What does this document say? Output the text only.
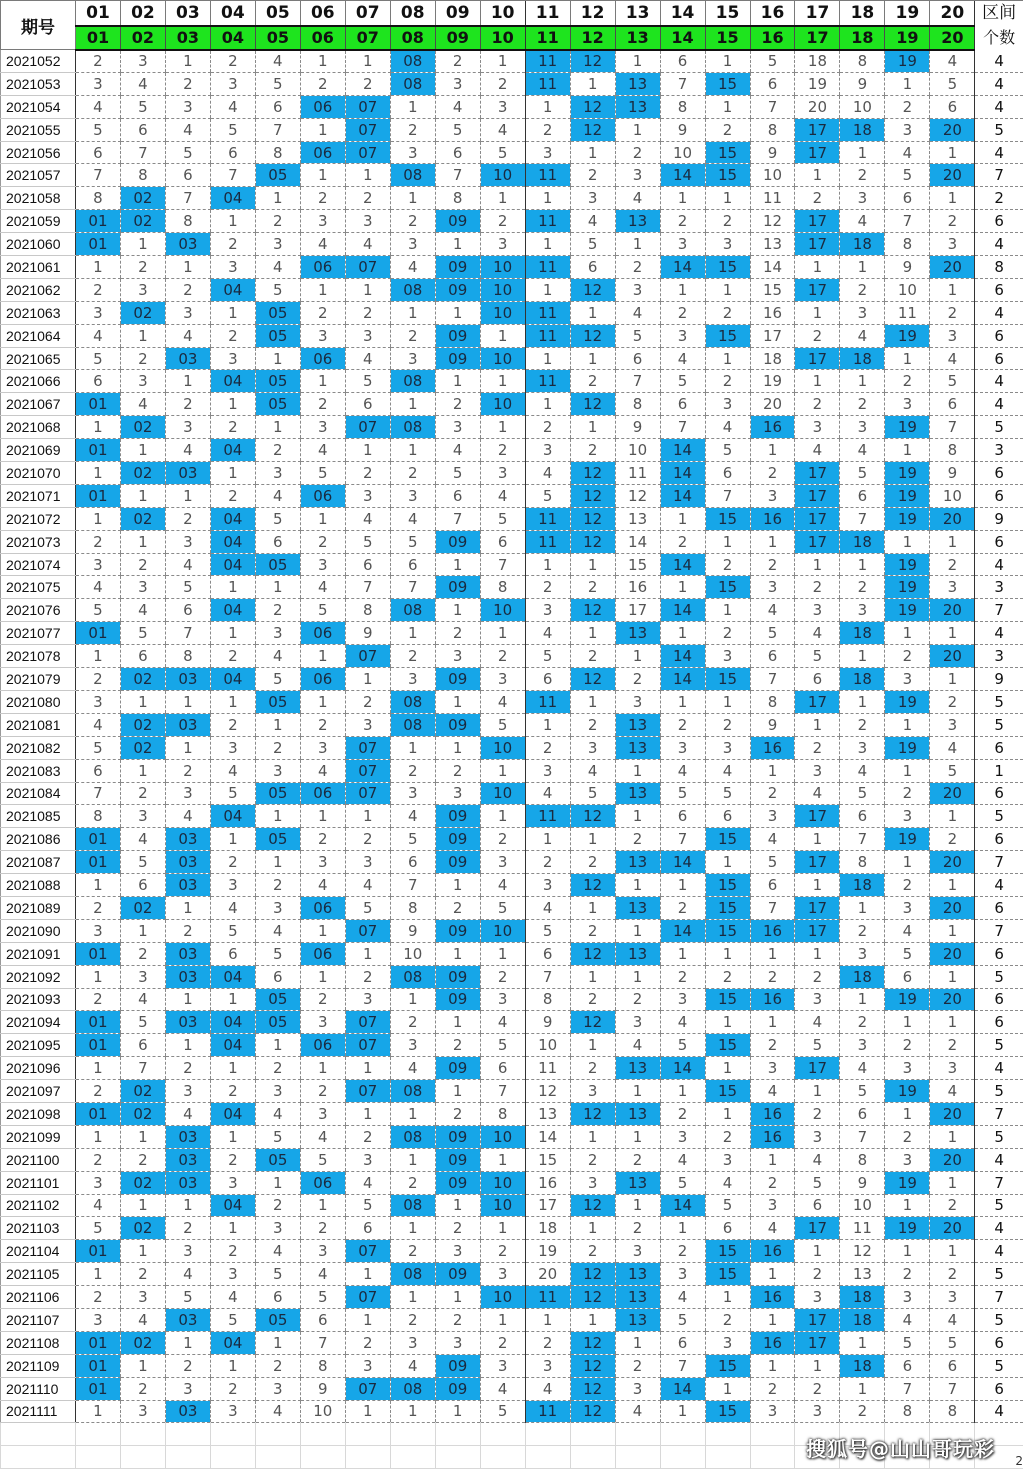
期号	01	02	03	04	05	06	07	08	09	10	11	12	13	14	15	16	17	18	19	20	区间
	01	02	03	04	05	06	07	08	09	10	11	12	13	14	15	16	17	18	19	20	个数
2021052	2	3	1	2	4	1	1	08	2	1	11	12	1	6	1	5	18	8	19	4	4
2021053	3	4	2	3	5	2	2	08	3	2	11	1	13	7	15	6	19	9	1	5	4
2021054	4	5	3	4	6	06	07	1	4	3	1	12	13	8	1	7	20	10	2	6	4
2021055	5	6	4	5	7	1	07	2	5	4	2	12	1	9	2	8	17	18	3	20	5
2021056	6	7	5	6	8	06	07	3	6	5	3	1	2	10	15	9	17	1	4	1	4
2021057	7	8	6	7	05	1	1	08	7	10	11	2	3	14	15	10	1	2	5	20	7
2021058	8	02	7	04	1	2	2	1	8	1	1	3	4	1	1	11	2	3	6	1	2
2021059	01	02	8	1	2	3	3	2	09	2	11	4	13	2	2	12	17	4	7	2	6
2021060	01	1	03	2	3	4	4	3	1	3	1	5	1	3	3	13	17	18	8	3	4
2021061	1	2	1	3	4	06	07	4	09	10	11	6	2	14	15	14	1	1	9	20	8
2021062	2	3	2	04	5	1	1	08	09	10	1	12	3	1	1	15	17	2	10	1	6
2021063	3	02	3	1	05	2	2	1	1	10	11	1	4	2	2	16	1	3	11	2	4
2021064	4	1	4	2	05	3	3	2	09	1	11	12	5	3	15	17	2	4	19	3	6
2021065	5	2	03	3	1	06	4	3	09	10	1	1	6	4	1	18	17	18	1	4	6
2021066	6	3	1	04	05	1	5	08	1	1	11	2	7	5	2	19	1	1	2	5	4
2021067	01	4	2	1	05	2	6	1	2	10	1	12	8	6	3	20	2	2	3	6	4
2021068	1	02	3	2	1	3	07	08	3	1	2	1	9	7	4	16	3	3	19	7	5
2021069	01	1	4	04	2	4	1	1	4	2	3	2	10	14	5	1	4	4	1	8	3
2021070	1	02	03	1	3	5	2	2	5	3	4	12	11	14	6	2	17	5	19	9	6
2021071	01	1	1	2	4	06	3	3	6	4	5	12	12	14	7	3	17	6	19	10	6
2021072	1	02	2	04	5	1	4	4	7	5	11	12	13	1	15	16	17	7	19	20	9
2021073	2	1	3	04	6	2	5	5	09	6	11	12	14	2	1	1	17	18	1	1	6
2021074	3	2	4	04	05	3	6	6	1	7	1	1	15	14	2	2	1	1	19	2	4
2021075	4	3	5	1	1	4	7	7	09	8	2	2	16	1	15	3	2	2	19	3	3
2021076	5	4	6	04	2	5	8	08	1	10	3	12	17	14	1	4	3	3	19	20	7
2021077	01	5	7	1	3	06	9	1	2	1	4	1	13	1	2	5	4	18	1	1	4
2021078	1	6	8	2	4	1	07	2	3	2	5	2	1	14	3	6	5	1	2	20	3
2021079	2	02	03	04	5	06	1	3	09	3	6	12	2	14	15	7	6	18	3	1	9
2021080	3	1	1	1	05	1	2	08	1	4	11	1	3	1	1	8	17	1	19	2	5
2021081	4	02	03	2	1	2	3	08	09	5	1	2	13	2	2	9	1	2	1	3	5
2021082	5	02	1	3	2	3	07	1	1	10	2	3	13	3	3	16	2	3	19	4	6
2021083	6	1	2	4	3	4	07	2	2	1	3	4	1	4	4	1	3	4	1	5	1
2021084	7	2	3	5	05	06	07	3	3	10	4	5	13	5	5	2	4	5	2	20	6
2021085	8	3	4	04	1	1	1	4	09	1	11	12	1	6	6	3	17	6	3	1	5
2021086	01	4	03	1	05	2	2	5	09	2	1	1	2	7	15	4	1	7	19	2	6
2021087	01	5	03	2	1	3	3	6	09	3	2	2	13	14	1	5	17	8	1	20	7
2021088	1	6	03	3	2	4	4	7	1	4	3	12	1	1	15	6	1	18	2	1	4
2021089	2	02	1	4	3	06	5	8	2	5	4	1	13	2	15	7	17	1	3	20	6
2021090	3	1	2	5	4	1	07	9	09	10	5	2	1	14	15	16	17	2	4	1	7
2021091	01	2	03	6	5	06	1	10	1	1	6	12	13	1	1	1	1	3	5	20	6
2021092	1	3	03	04	6	1	2	08	09	2	7	1	1	2	2	2	2	18	6	1	5
2021093	2	4	1	1	05	2	3	1	09	3	8	2	2	3	15	16	3	1	19	20	6
2021094	01	5	03	04	05	3	07	2	1	4	9	12	3	4	1	1	4	2	1	1	6
2021095	01	6	1	04	1	06	07	3	2	5	10	1	4	5	15	2	5	3	2	2	5
2021096	1	7	2	1	2	1	1	4	09	6	11	2	13	14	1	3	17	4	3	3	4
2021097	2	02	3	2	3	2	07	08	1	7	12	3	1	1	15	4	1	5	19	4	5
2021098	01	02	4	04	4	3	1	1	2	8	13	12	13	2	1	16	2	6	1	20	7
2021099	1	1	03	1	5	4	2	08	09	10	14	1	1	3	2	16	3	7	2	1	5
2021100	2	2	03	2	05	5	3	1	09	1	15	2	2	4	3	1	4	8	3	20	4
2021101	3	02	03	3	1	06	4	2	09	10	16	3	13	5	4	2	5	9	19	1	7
2021102	4	1	1	04	2	1	5	08	1	10	17	12	1	14	5	3	6	10	1	2	5
2021103	5	02	2	1	3	2	6	1	2	1	18	1	2	1	6	4	17	11	19	20	4
2021104	01	1	3	2	4	3	07	2	3	2	19	2	3	2	15	16	1	12	1	1	4
2021105	1	2	4	3	5	4	1	08	09	3	20	12	13	3	15	1	2	13	2	2	5
2021106	2	3	5	4	6	5	07	1	1	10	11	12	13	4	1	16	3	18	3	3	7
2021107	3	4	03	5	05	6	1	2	2	1	1	1	13	5	2	1	17	18	4	4	5
2021108	01	02	1	04	1	7	2	3	3	2	2	12	1	6	3	16	17	1	5	5	6
2021109	01	1	2	1	2	8	3	4	09	3	3	12	2	7	15	1	1	18	6	6	5
2021110	01	2	3	2	3	9	07	08	09	4	4	12	3	14	1	2	2	1	7	7	6
2021111	1	3	03	3	4	10	1	1	1	5	11	12	4	1	15	3	3	2	8	8	4

																					2
搜狐号@山山哥玩彩
